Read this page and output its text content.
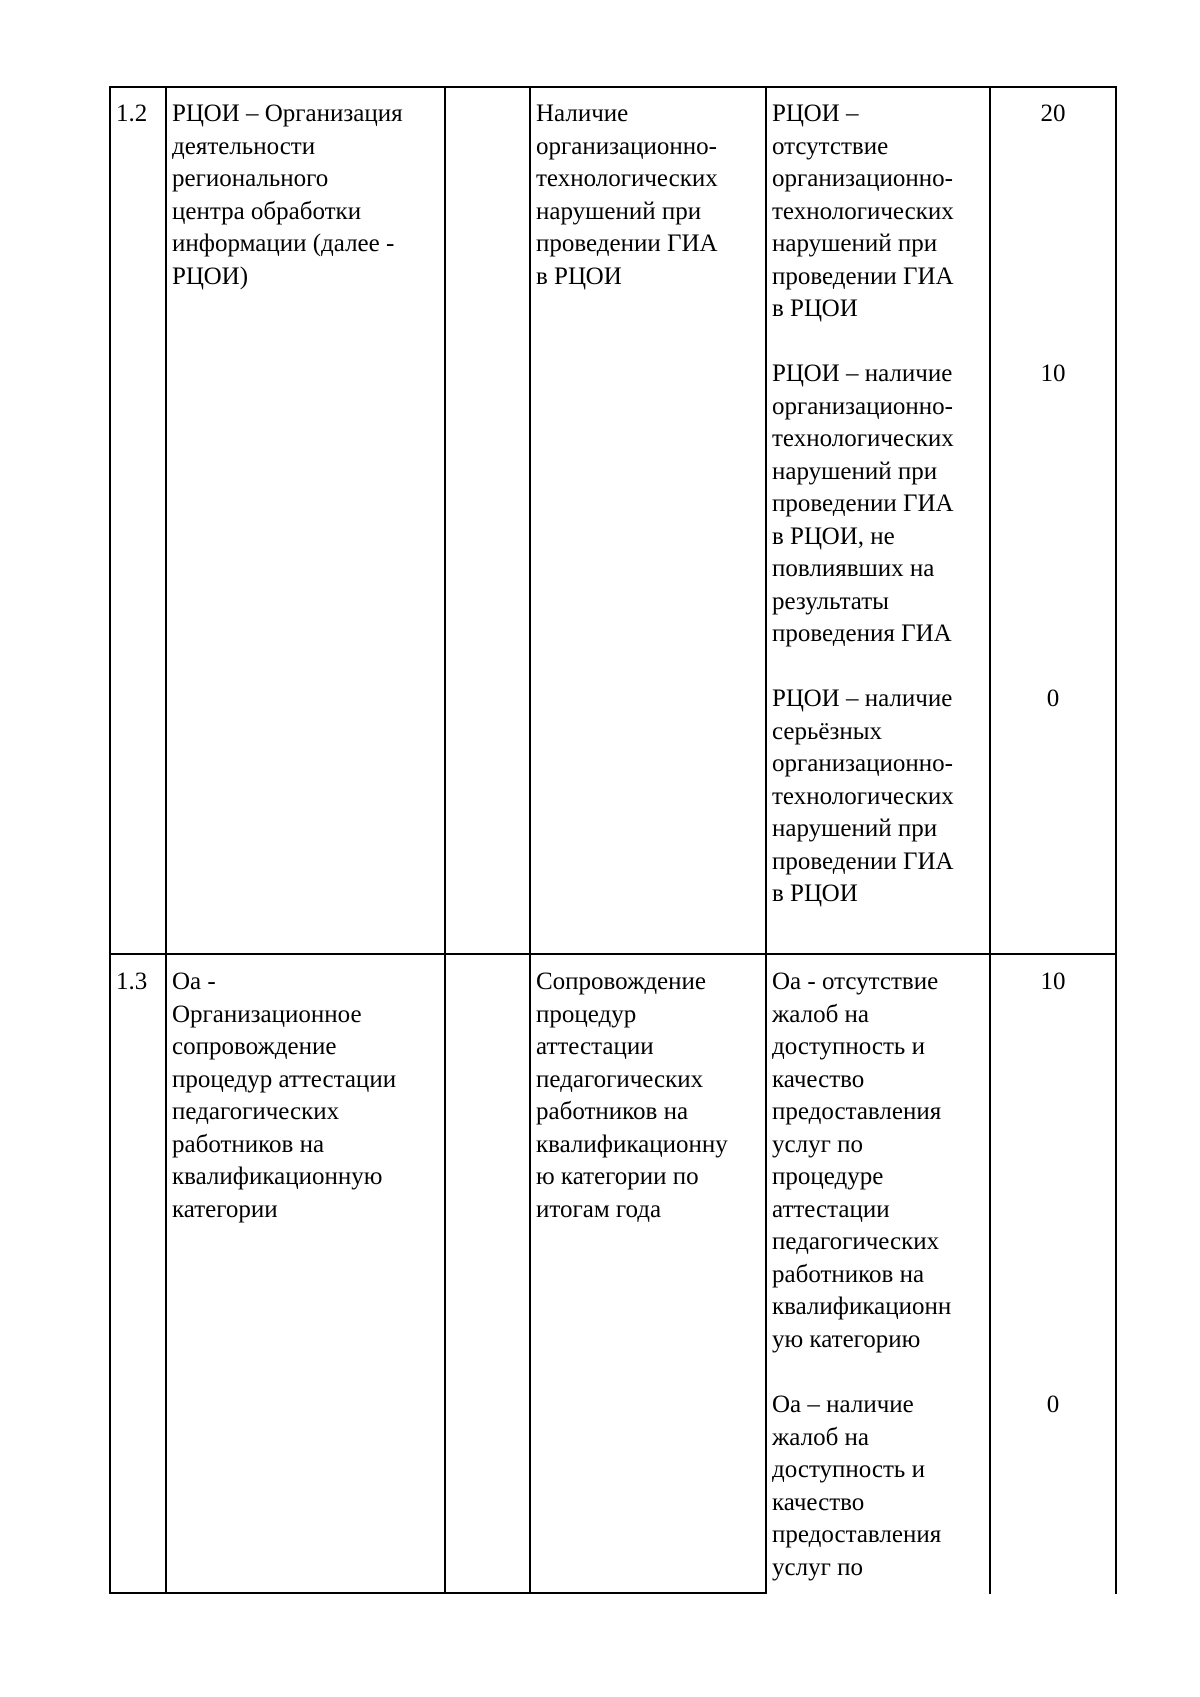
1.2 РЦОИ – Организация
деятельности
регионального
центра обработки
информации (далее -
РЦОИ)

Наличие
организационно-
технологических
нарушений при
проведении ГИА
в РЦОИ

РЦОИ –
отсутствие
организационно-
технологических
нарушений при
проведении ГИА
в РЦОИ

20

РЦОИ – наличие
организационно-
технологических
нарушений при
проведении ГИА
в РЦОИ, не
повлиявших на
результаты
проведения ГИА

10

РЦОИ – наличие
серьёзных
организационно-
технологических
нарушений при
проведении ГИА
в РЦОИ

0

1.3 Оа -
Организационное
сопровождение
процедур аттестации
педагогических
работников на
квалификационную
категории

Сопровождение
процедур
аттестации
педагогических
работников на
квалификационну
ю категории по
итогам года

Оа - отсутствие
жалоб на
доступность и
качество
предоставления
услуг по
процедуре
аттестации
педагогических
работников на
квалификационн
ую категорию

10

Оа – наличие
жалоб на
доступность и
качество
предоставления
услуг по

0
